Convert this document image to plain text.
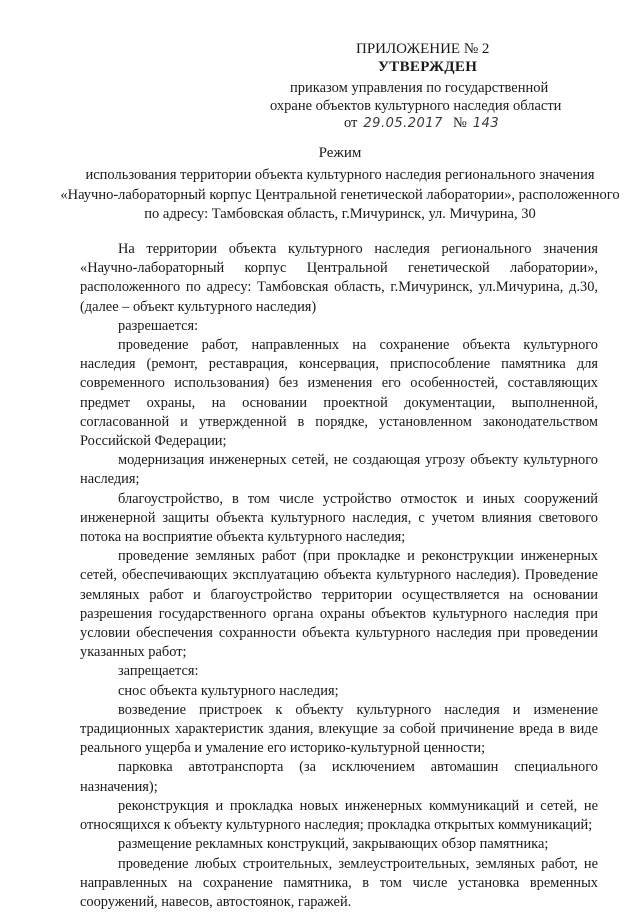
ПРИЛОЖЕНИЕ № 2
УТВЕРЖДЕН
приказом управления по государственной
охране объектов культурного наследия области
от 29.05.2017 № 143
Режим
использования территории объекта культурного наследия регионального значения «Научно-лабораторный корпус Центральной генетической лаборатории», расположенного по адресу: Тамбовская область, г.Мичуринск, ул. Мичурина, 30

На территории объекта культурного наследия регионального значения «Научно-лабораторный корпус Центральной генетической лаборатории», расположенного по адресу: Тамбовская область, г.Мичуринск, ул.Мичурина, д.30, (далее – объект культурного наследия)

разрешается:

проведение работ, направленных на сохранение объекта культурного наследия (ремонт, реставрация, консервация, приспособление памятника для современного использования) без изменения его особенностей, составляющих предмет охраны, на основании проектной документации, выполненной, согласованной и утвержденной в порядке, установленном законодательством Российской Федерации;

модернизация инженерных сетей, не создающая угрозу объекту культурного наследия;

благоустройство, в том числе устройство отмосток и иных сооружений инженерной защиты объекта культурного наследия, с учетом влияния светового потока на восприятие объекта культурного наследия;

проведение земляных работ (при прокладке и реконструкции инженерных сетей, обеспечивающих эксплуатацию объекта культурного наследия). Проведение земляных работ и благоустройство территории осуществляется на основании разрешения государственного органа охраны объектов культурного наследия при условии обеспечения сохранности объекта культурного наследия при проведении указанных работ;

запрещается:

снос объекта культурного наследия;

возведение пристроек к объекту культурного наследия и изменение традиционных характеристик здания, влекущие за собой причинение вреда в виде реального ущерба и умаление его историко-культурной ценности;

парковка автотранспорта (за исключением автомашин специального назначения);

реконструкция и прокладка новых инженерных коммуникаций и сетей, не относящихся к объекту культурного наследия; прокладка открытых коммуникаций;

размещение рекламных конструкций, закрывающих обзор памятника;

проведение любых строительных, землеустроительных, земляных работ, не направленных на сохранение памятника, в том числе установка временных сооружений, навесов, автостоянок, гаражей.
